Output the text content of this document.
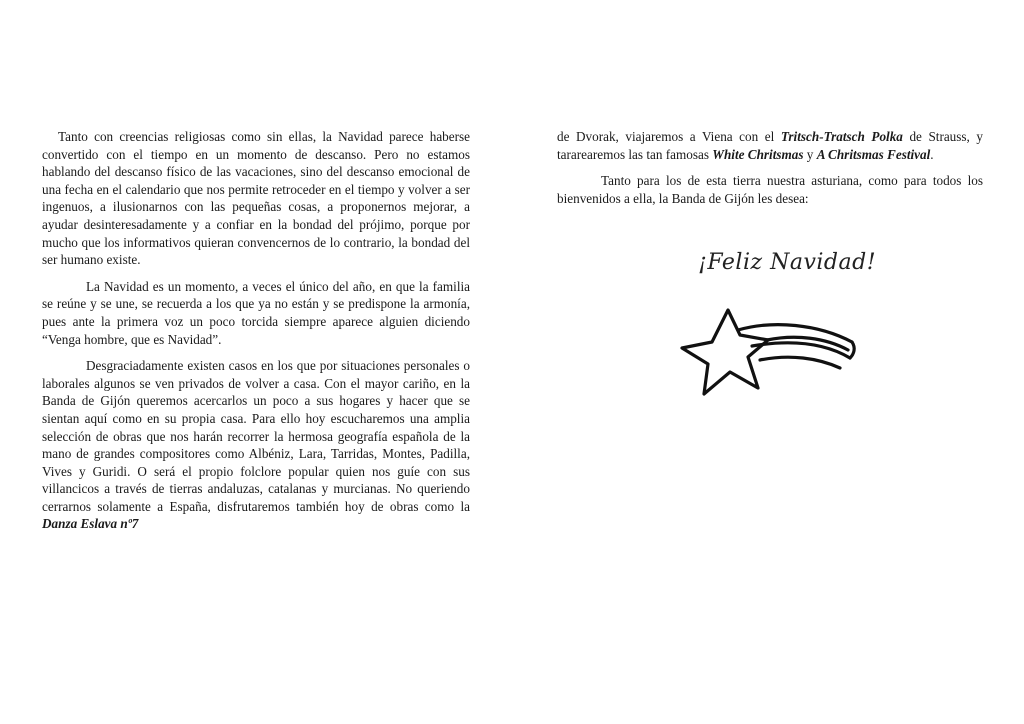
Tanto con creencias religiosas como sin ellas, la Navidad parece haberse convertido con el tiempo en un momento de descanso. Pero no estamos hablando del descanso físico de las vacaciones, sino del descanso emocional de una fecha en el calendario que nos permite retroceder en el tiempo y volver a ser ingenuos, a ilusionarnos con las pequeñas cosas, a proponernos mejorar, a ayudar desinteresadamente y a confiar en la bondad del prójimo, porque por mucho que los informativos quieran convencernos de lo contrario, la bondad del ser humano existe.

La Navidad es un momento, a veces el único del año, en que la familia se reúne y se une, se recuerda a los que ya no están y se predispone la armonía, pues ante la primera voz un poco torcida siempre aparece alguien diciendo “Venga hombre, que es Navidad”.

Desgraciadamente existen casos en los que por situaciones personales o laborales algunos se ven privados de volver a casa. Con el mayor cariño, en la Banda de Gijón queremos acercarlos un poco a sus hogares y hacer que se sientan aquí como en su propia casa. Para ello hoy escucharemos una amplia selección de obras que nos harán recorrer la hermosa geografía española de la mano de grandes compositores como Albéniz, Lara, Tarridas, Montes, Padilla, Vives y Guridi. O será el propio folclore popular quien nos guíe con sus villancicos a través de tierras andaluzas, catalanas y murcianas. No queriendo cerrarnos solamente a España, disfrutaremos también hoy de obras como la Danza Eslava nº7

de Dvorak, viajaremos a Viena con el Tritsch-Tratsch Polka de Strauss, y tararearemos las tan famosas White Chritsmas y A Chritsmas Festival.

Tanto para los de esta tierra nuestra asturiana, como para todos los bienvenidos a ella, la Banda de Gijón les desea:

¡Feliz Navidad!
